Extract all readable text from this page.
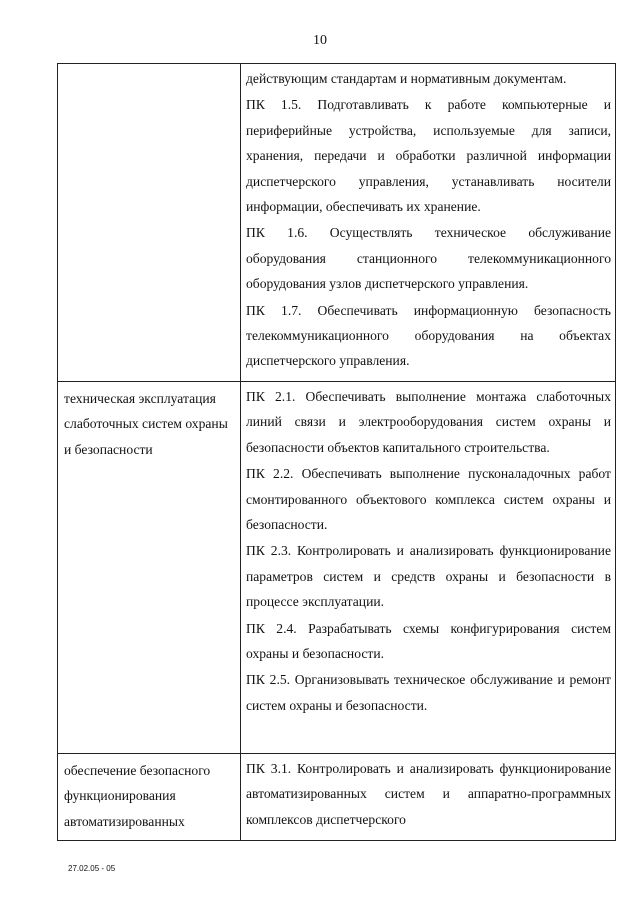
10

	действующим стандартам и нормативным документам.

ПК 1.5. Подготавливать к работе компьютерные и периферийные устройства, используемые для записи, хранения, передачи и обработки различной информации диспетчерского управления, устанавливать носители информации, обеспечивать их хранение.

ПК 1.6. Осуществлять техническое обслуживание оборудования станционного телекоммуникационного оборудования узлов диспетчерского управления.

ПК 1.7. Обеспечивать информационную безопасность телекоммуникационного оборудования на объектах диспетчерского управления.

техническая эксплуатация слаботочных систем охраны и безопасности	ПК 2.1. Обеспечивать выполнение монтажа слаботочных линий связи и электрооборудования систем охраны и безопасности объектов капитального строительства.

ПК 2.2. Обеспечивать выполнение пусконаладочных работ смонтированного объектового комплекса систем охраны и безопасности.

ПК 2.3. Контролировать и анализировать функционирование параметров систем и средств охраны и безопасности в процессе эксплуатации.

ПК 2.4. Разрабатывать схемы конфигурирования систем охраны и безопасности.

ПК 2.5. Организовывать техническое обслуживание и ремонт систем охраны и безопасности.

обеспечение безопасного функционирования автоматизированных	ПК 3.1. Контролировать и анализировать функционирование автоматизированных систем и аппаратно-программных комплексов диспетчерского

27.02.05 - 05
